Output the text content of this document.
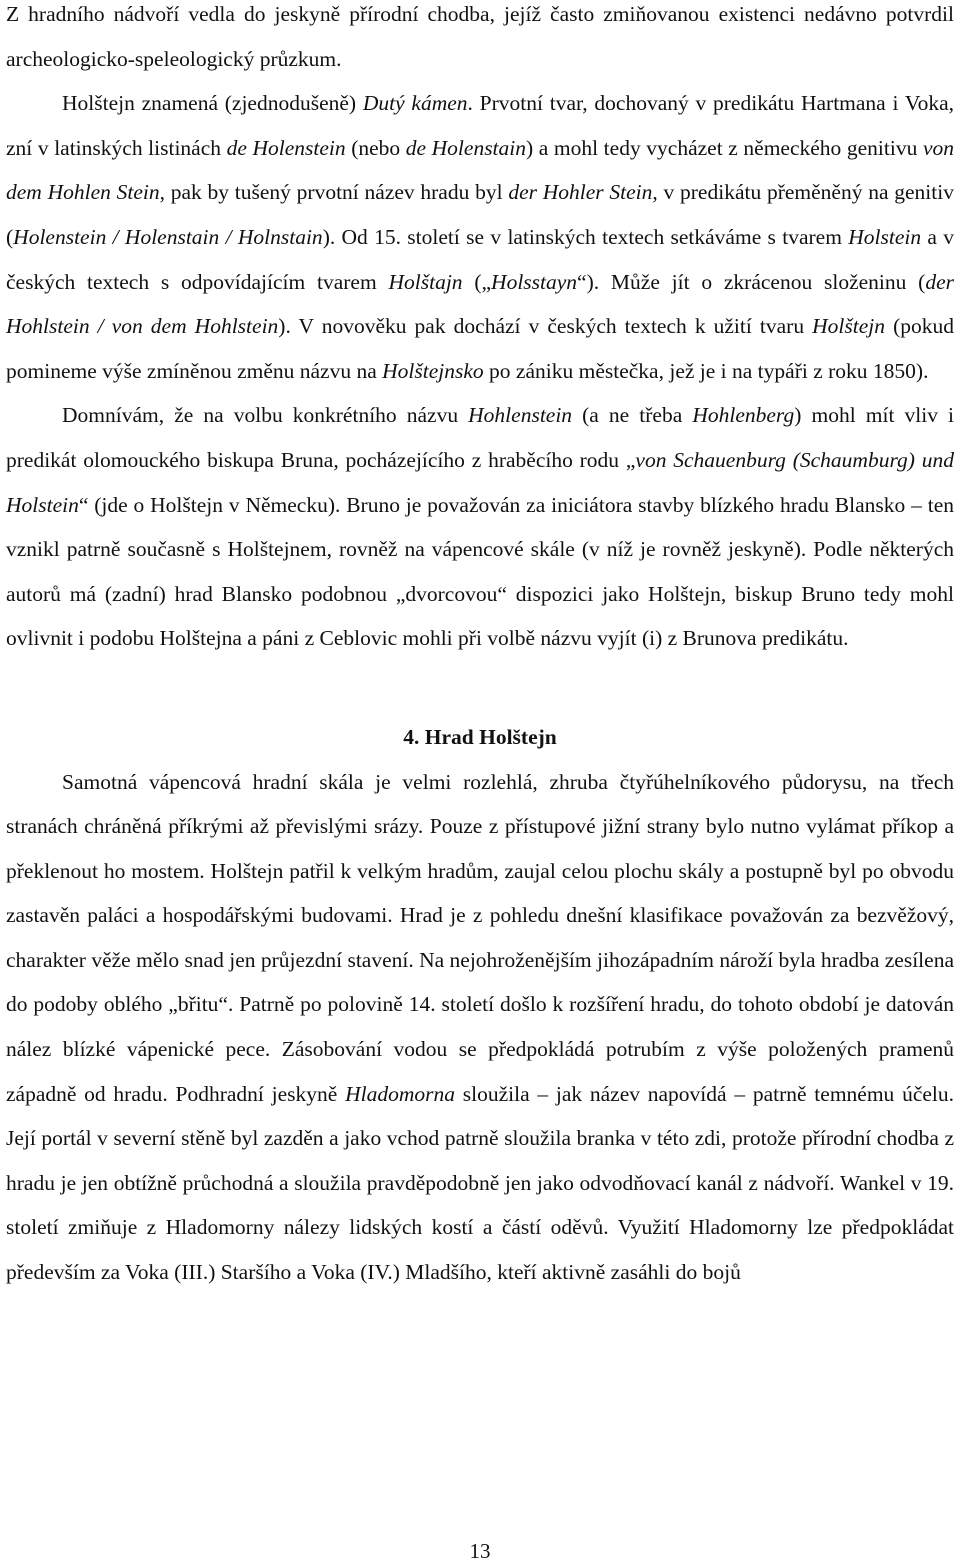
Z hradního nádvoří vedla do jeskyně přírodní chodba, jejíž často zmiňovanou existenci nedávno potvrdil archeologicko-speleologický průzkum.

Holštejn znamená (zjednodušeně) Dutý kámen. Prvotní tvar, dochovaný v predikátu Hartmana i Voka, zní v latinských listinách de Holenstein (nebo de Holenstain) a mohl tedy vycházet z německého genitivu von dem Hohlen Stein, pak by tušený prvotní název hradu byl der Hohler Stein, v predikátu přeměněný na genitiv (Holenstein / Holenstain / Holnstain). Od 15. století se v latinských textech setkáváme s tvarem Holstein a v českých textech s odpovídajícím tvarem Holštajn („Holsstayn“). Může jít o zkrácenou složeninu (der Hohlstein / von dem Hohlstein). V novověku pak dochází v českých textech k užití tvaru Holštejn (pokud pomineme výše zmíněnou změnu názvu na Holštejnsko po zániku městečka, jež je i na typáři z roku 1850).

Domnívám, že na volbu konkrétního názvu Hohlenstein (a ne třeba Hohlenberg) mohl mít vliv i predikát olomouckého biskupa Bruna, pocházejícího z hraběcího rodu „von Schauenburg (Schaumburg) und Holstein“ (jde o Holštejn v Německu). Bruno je považován za iniciátora stavby blízkého hradu Blansko – ten vznikl patrně současně s Holštejnem, rovněž na vápencové skále (v níž je rovněž jeskyně). Podle některých autorů má (zadní) hrad Blansko podobnou „dvorcovou“ dispozici jako Holštejn, biskup Bruno tedy mohl ovlivnit i podobu Holštejna a páni z Ceblovic mohli při volbě názvu vyjít (i) z Brunova predikátu.

4. Hrad Holštejn

Samotná vápencová hradní skála je velmi rozlehlá, zhruba čtyřúhelníkového půdorysu, na třech stranách chráněná příkrými až převislými srázy. Pouze z přístupové jižní strany bylo nutno vylámat příkop a překlenout ho mostem. Holštejn patřil k velkým hradům, zaujal celou plochu skály a postupně byl po obvodu zastavěn paláci a hospodářskými budovami. Hrad je z pohledu dnešní klasifikace považován za bezvěžový, charakter věže mělo snad jen průjezdní stavení. Na nejohroženějším jihozápadním nároží byla hradba zesílena do podoby oblého „břitu“. Patrně po polovině 14. století došlo k rozšíření hradu, do tohoto období je datován nález blízké vápenické pece. Zásobování vodou se předpokládá potrubím z výše položených pramenů západně od hradu. Podhradní jeskyně Hladomorna sloužila – jak název napovídá – patrně temnému účelu. Její portál v severní stěně byl zazděn a jako vchod patrně sloužila branka v této zdi, protože přírodní chodba z hradu je jen obtížně průchodná a sloužila pravděpodobně jen jako odvodňovací kanál z nádvoří. Wankel v 19. století zmiňuje z Hladomorny nálezy lidských kostí a částí oděvů. Využití Hladomorny lze předpokládat především za Voka (III.) Staršího a Voka (IV.) Mladšího, kteří aktivně zasáhli do bojů

13
